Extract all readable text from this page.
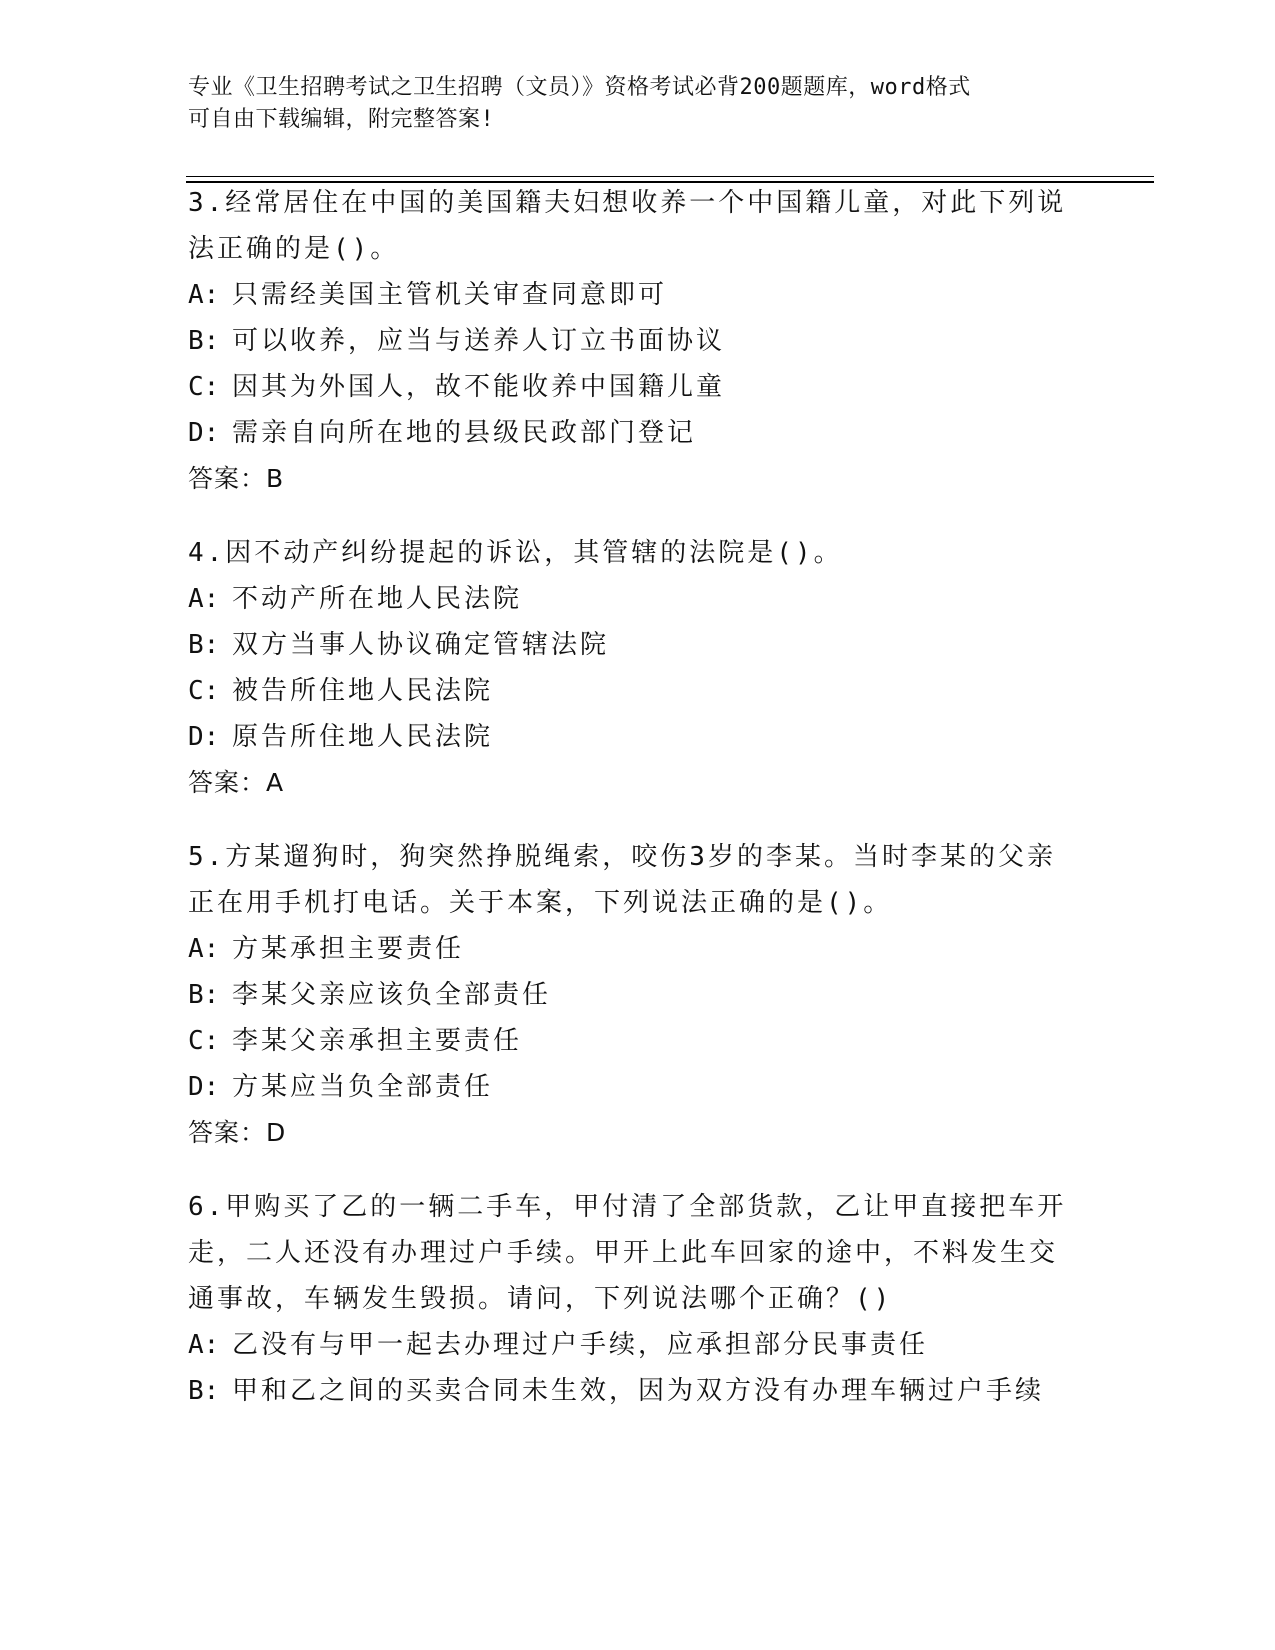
专业《卫生招聘考试之卫生招聘（文员）》资格考试必背200题题库，word格式
可自由下载编辑，附完整答案!
3.经常居住在中国的美国籍夫妇想收养一个中国籍儿童，对此下列说
法正确的是()。
A: 只需经美国主管机关审查同意即可
B: 可以收养，应当与送养人订立书面协议
C: 因其为外国人，故不能收养中国籍儿童
D: 需亲自向所在地的县级民政部门登记
答案：B
4.因不动产纠纷提起的诉讼，其管辖的法院是()。
A: 不动产所在地人民法院
B: 双方当事人协议确定管辖法院
C: 被告所住地人民法院
D: 原告所住地人民法院
答案：A
5.方某遛狗时，狗突然挣脱绳索，咬伤3岁的李某。当时李某的父亲
正在用手机打电话。关于本案，下列说法正确的是()。
A: 方某承担主要责任
B: 李某父亲应该负全部责任
C: 李某父亲承担主要责任
D: 方某应当负全部责任
答案：D
6.甲购买了乙的一辆二手车，甲付清了全部货款，乙让甲直接把车开
走，二人还没有办理过户手续。甲开上此车回家的途中，不料发生交
通事故，车辆发生毁损。请问，下列说法哪个正确？()
A: 乙没有与甲一起去办理过户手续，应承担部分民事责任
B: 甲和乙之间的买卖合同未生效，因为双方没有办理车辆过户手续
